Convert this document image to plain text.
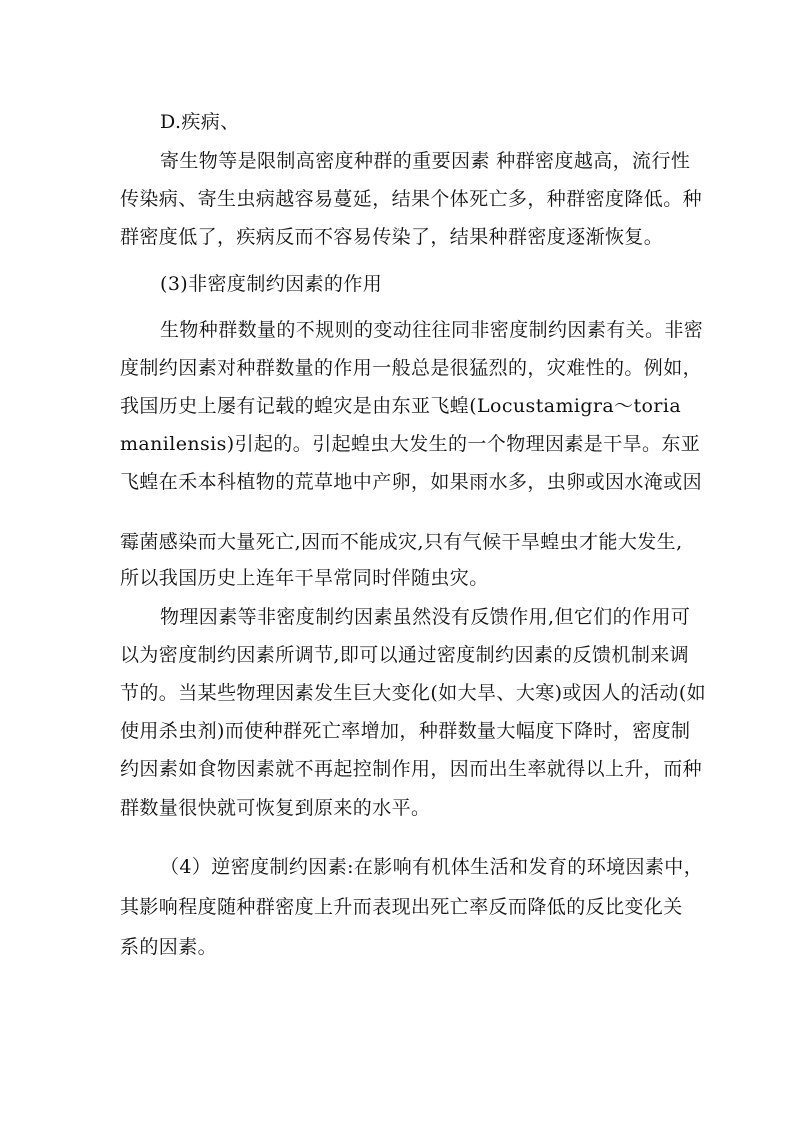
D.疾病、
寄生物等是限制高密度种群的重要因素 种群密度越高，流行性
传染病、寄生虫病越容易蔓延，结果个体死亡多，种群密度降低。种
群密度低了，疾病反而不容易传染了，结果种群密度逐渐恢复。
(3)非密度制约因素的作用
生物种群数量的不规则的变动往往同非密度制约因素有关。非密
度制约因素对种群数量的作用一般总是很猛烈的，灾难性的。例如，
我国历史上屡有记载的蝗灾是由东亚飞蝗(Locustamigra～toria
manilensis)引起的。引起蝗虫大发生的一个物理因素是干旱。东亚
飞蝗在禾本科植物的荒草地中产卵，如果雨水多，虫卵或因水淹或因
霉菌感染而大量死亡,因而不能成灾,只有气候干旱蝗虫才能大发生,
所以我国历史上连年干旱常同时伴随虫灾。
物理因素等非密度制约因素虽然没有反馈作用,但它们的作用可
以为密度制约因素所调节,即可以通过密度制约因素的反馈机制来调
节的。当某些物理因素发生巨大变化(如大旱、大寒)或因人的活动(如
使用杀虫剂)而使种群死亡率增加，种群数量大幅度下降时，密度制
约因素如食物因素就不再起控制作用，因而出生率就得以上升，而种
群数量很快就可恢复到原来的水平。
（4）逆密度制约因素:在影响有机体生活和发育的环境因素中，
其影响程度随种群密度上升而表现出死亡率反而降低的反比变化关
系的因素。
